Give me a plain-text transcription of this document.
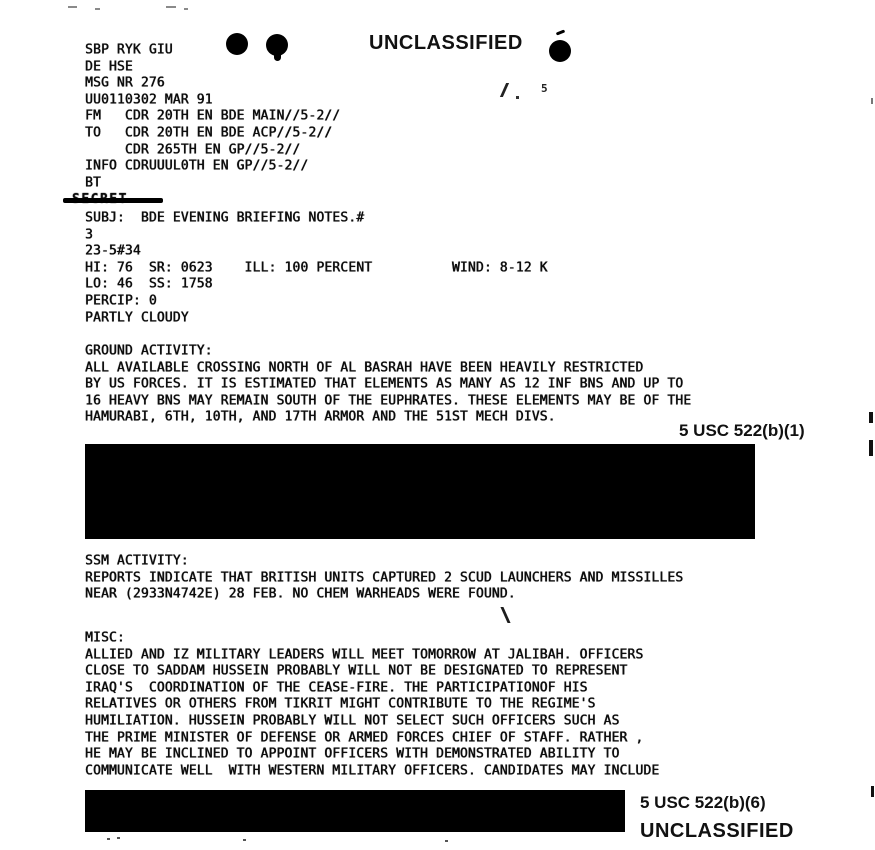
UNCLASSIFIED
5
SBP RYK GIU
DE HSE
MSG NR 276
UU0110302 MAR 91
FM   CDR 20TH EN BDE MAIN//5-2//
TO   CDR 20TH EN BDE ACP//5-2//
CDR 265TH EN GP//5-2//
INFO CDRUUUL0TH EN GP//5-2//
BT
SUBJ:  BDE EVENING BRIEFING NOTES.#
3
23-5#34
HI: 76  SR: 0623    ILL: 100 PERCENT          WIND: 8-12 K
LO: 46  SS: 1758
PERCIP: 0
PARTLY CLOUDY
GROUND ACTIVITY:
ALL AVAILABLE CROSSING NORTH OF AL BASRAH HAVE BEEN HEAVILY RESTRICTED
BY US FORCES. IT IS ESTIMATED THAT ELEMENTS AS MANY AS 12 INF BNS AND UP TO
16 HEAVY BNS MAY REMAIN SOUTH OF THE EUPHRATES. THESE ELEMENTS MAY BE OF THE
HAMURABI, 6TH, 10TH, AND 17TH ARMOR AND THE 51ST MECH DIVS.
5 USC 522(b)(1)
SSM ACTIVITY:
REPORTS INDICATE THAT BRITISH UNITS CAPTURED 2 SCUD LAUNCHERS AND MISSILLES
NEAR (2933N4742E) 28 FEB. NO CHEM WARHEADS WERE FOUND.
MISC:
ALLIED AND IZ MILITARY LEADERS WILL MEET TOMORROW AT JALIBAH. OFFICERS
CLOSE TO SADDAM HUSSEIN PROBABLY WILL NOT BE DESIGNATED TO REPRESENT
IRAQ'S  COORDINATION OF THE CEASE-FIRE. THE PARTICIPATIONOF HIS
RELATIVES OR OTHERS FROM TIKRIT MIGHT CONTRIBUTE TO THE REGIME'S
HUMILIATION. HUSSEIN PROBABLY WILL NOT SELECT SUCH OFFICERS SUCH AS
THE PRIME MINISTER OF DEFENSE OR ARMED FORCES CHIEF OF STAFF. RATHER ,
HE MAY BE INCLINED TO APPOINT OFFICERS WITH DEMONSTRATED ABILITY TO
COMMUNICATE WELL  WITH WESTERN MILITARY OFFICERS. CANDIDATES MAY INCLUDE
5 USC 522(b)(6)
UNCLASSIFIED
